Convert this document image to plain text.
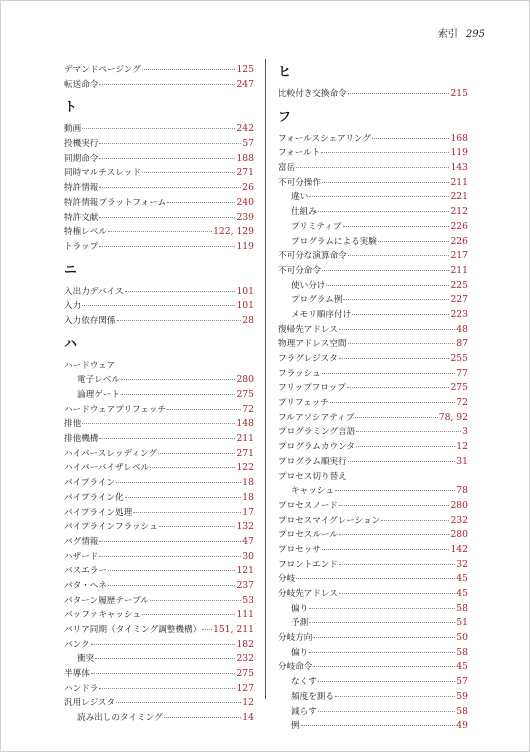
索引 295
デマンドページング	125
転送命令	247
ト
動画	242
投機実行	57
同期命令	188
同時マルチスレッド	271
特許情報	26
特許情報プラットフォーム	240
特許文献	239
特権レベル	122, 129
トラップ	119
ニ
入出力デバイス	101
入力	101
入力依存関係	28
ハ
ハードウェア
電子レベル	280
論理ゲート	275
ハードウェアプリフェッチ	72
排他	148
排他機構	211
ハイパースレッディング	271
ハイパーバイザレベル	122
パイプライン	18
パイプライン化	18
パイプライン処理	17
パイプラインフラッシュ	132
バグ情報	47
ハザード	30
バスエラー	121
パタ・ヘネ	237
パターン履歴テーブル	53
バッファキャッシュ	111
バリア同期（タイミング調整機構） 151, 211
バンク	182
衝突	232
半導体	275
ハンドラ	127
汎用レジスタ	12
読み出しのタイミング	14
ヒ
比較付き交換命令	215
フ
フォールスシェアリング	168
フォールト	119
富岳	143
不可分操作	211
違い	221
仕組み	212
プリミティブ	226
プログラムによる実験	226
不可分な演算命令	217
不可分命令	211
使い分け	225
プログラム例	227
メモリ順序付け	223
復帰先アドレス	48
物理アドレス空間	87
フラグレジスタ	255
フラッシュ	77
フリップフロップ	275
プリフェッチ	72
フルアソシアティブ	78, 92
プログラミング言語	3
プログラムカウンタ	12
プログラム順実行	31
プロセス切り替え
キャッシュ	78
プロセスノード	280
プロセスマイグレーション	232
プロセスルール	280
プロセッサ	142
フロントエンド	32
分岐	45
分岐先アドレス	45
偏り	58
予測	51
分岐方向	50
偏り	58
分岐命令	45
なくす	57
頻度を測る	59
減らす	58
例	49
